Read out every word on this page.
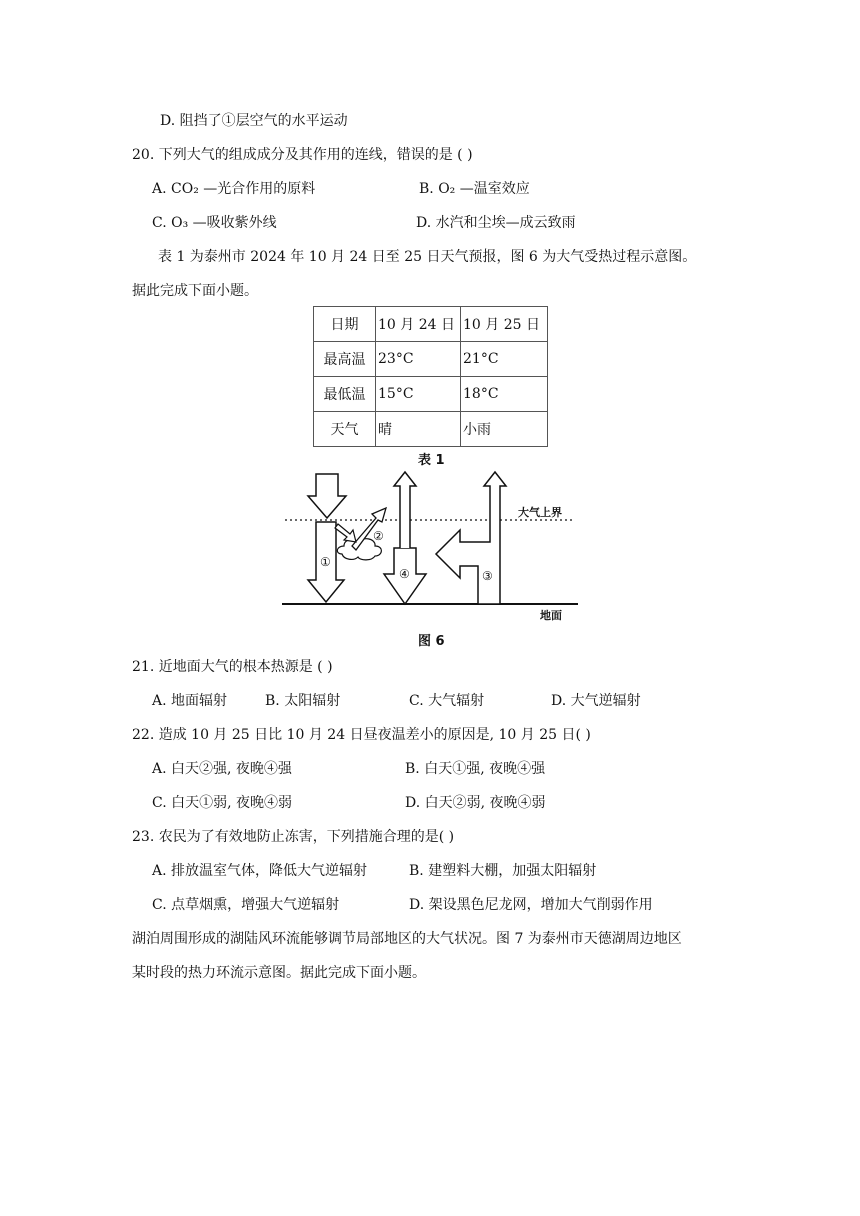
D. 阻挡了①层空气的水平运动
20. 下列大气的组成成分及其作用的连线，错误的是 ( )
A. CO₂ —光合作用的原料	B. O₂ —温室效应
C. O₃ —吸收紫外线	D. 水汽和尘埃—成云致雨
表 1 为泰州市 2024 年 10 月 24 日至 25 日天气预报，图 6 为大气受热过程示意图。
据此完成下面小题。
日期	10 月 24 日	10 月 25 日
最高温	23°C	21°C
最低温	15°C	18°C
天气	晴	小雨
表 1
大气上界
地面
①
②
④	③
图 6
21. 近地面大气的根本热源是 ( )
A. 地面辐射	B. 太阳辐射	C. 大气辐射	D. 大气逆辐射
22. 造成 10 月 25 日比 10 月 24 日昼夜温差小的原因是, 10 月 25 日( )
A. 白天②强, 夜晚④强	B. 白天①强, 夜晚④强
C. 白天①弱, 夜晚④弱	D. 白天②弱, 夜晚④弱
23. 农民为了有效地防止冻害，下列措施合理的是( )
A. 排放温室气体，降低大气逆辐射	B. 建塑料大棚，加强太阳辐射
C. 点草烟熏，增强大气逆辐射	D. 架设黑色尼龙网，增加大气削弱作用
湖泊周围形成的湖陆风环流能够调节局部地区的大气状况。图 7 为泰州市天德湖周边地区
某时段的热力环流示意图。据此完成下面小题。
